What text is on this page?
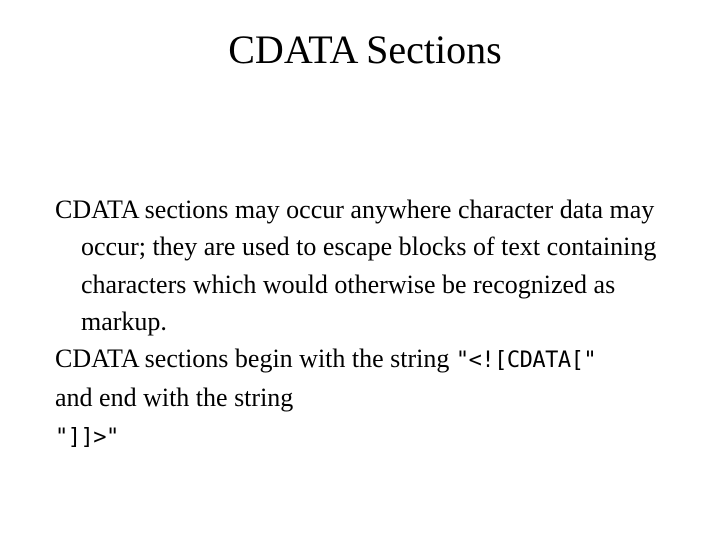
CDATA Sections

CDATA sections may occur anywhere character data may occur; they are used to escape blocks of text containing characters which would otherwise be recognized as markup.

CDATA sections begin with the string "<![CDATA["

and end with the string

"]]>"
